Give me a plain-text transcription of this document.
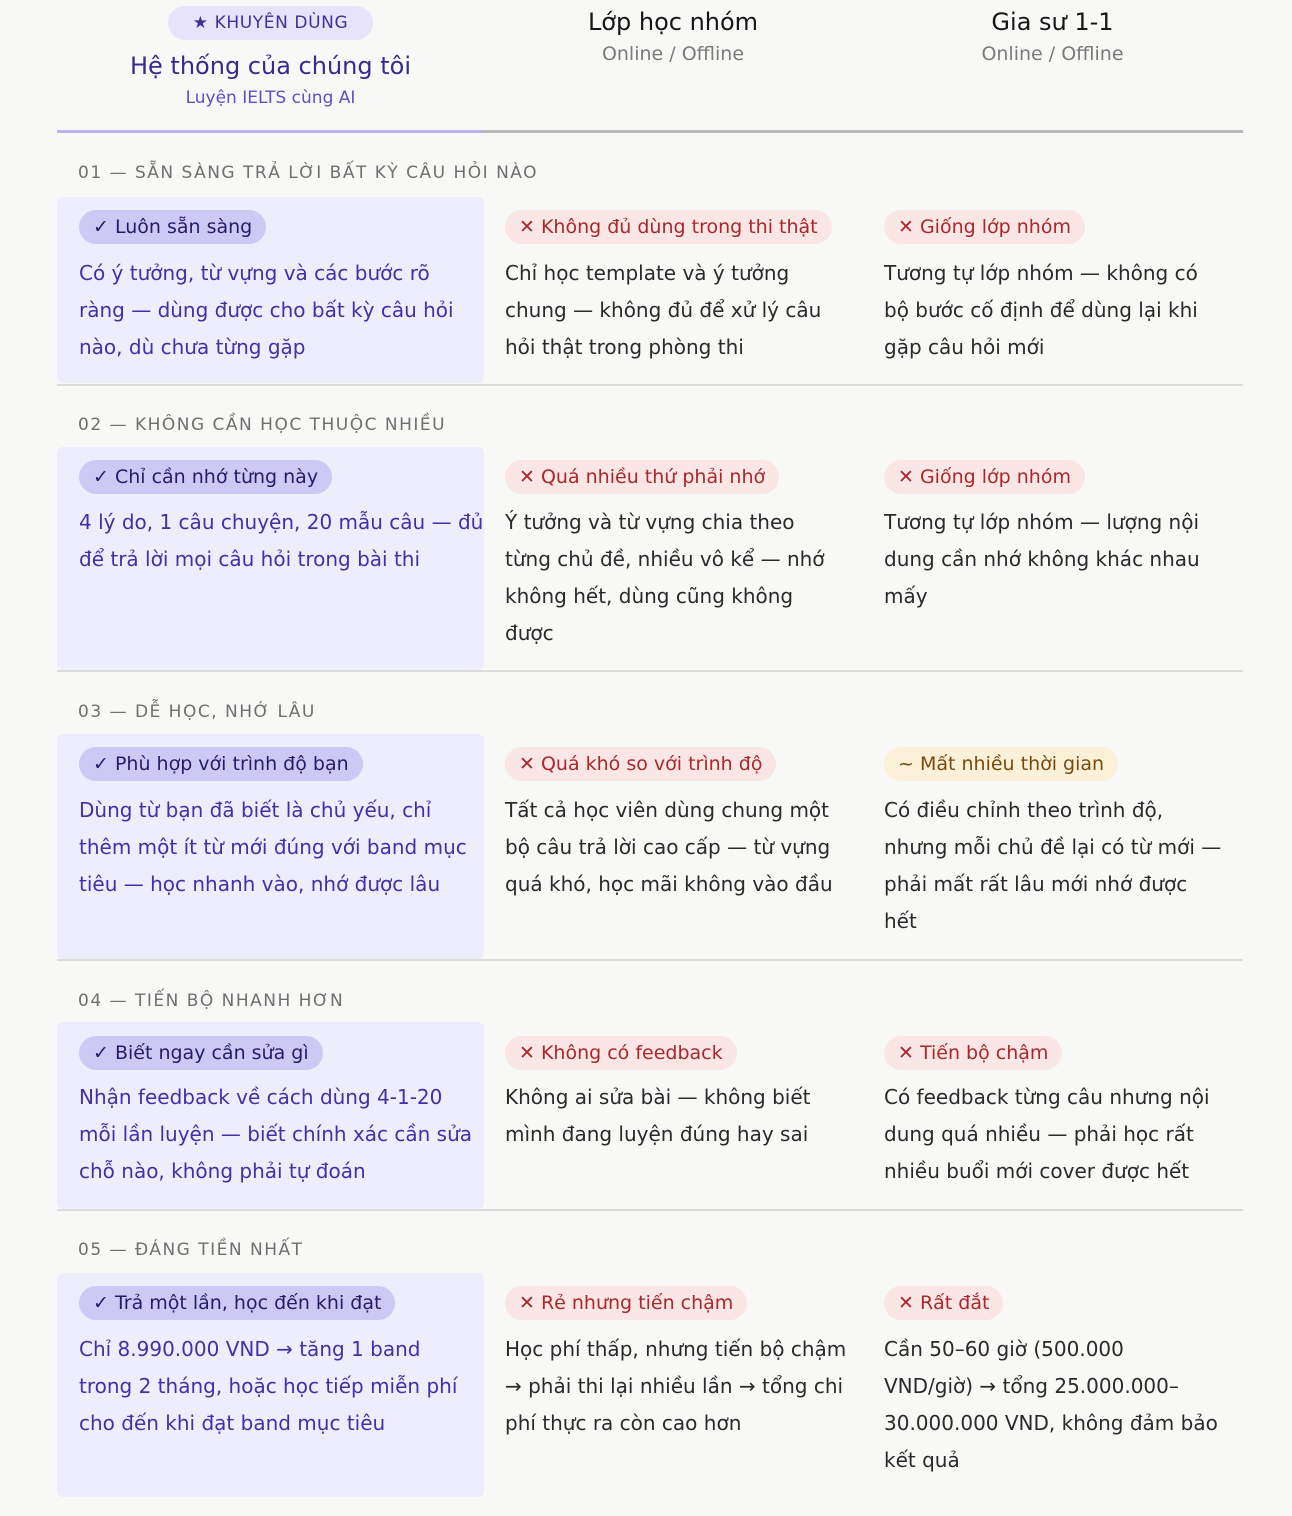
★ KHUYÊN DÙNG
Hệ thống của chúng tôi
Luyện IELTS cùng AI
Lớp học nhóm
Online / Offline
Gia sư 1-1
Online / Offline
01 — SẴN SÀNG TRẢ LỜI BẤT KỲ CÂU HỎI NÀO
✓ Luôn sẵn sàng
Có ý tưởng, từ vựng và các bước rõ
ràng — dùng được cho bất kỳ câu hỏi
nào, dù chưa từng gặp
✕ Không đủ dùng trong thi thật
Chỉ học template và ý tưởng
chung — không đủ để xử lý câu
hỏi thật trong phòng thi
✕ Giống lớp nhóm
Tương tự lớp nhóm — không có
bộ bước cố định để dùng lại khi
gặp câu hỏi mới
02 — KHÔNG CẦN HỌC THUỘC NHIỀU
✓ Chỉ cần nhớ từng này
4 lý do, 1 câu chuyện, 20 mẫu câu — đủ
để trả lời mọi câu hỏi trong bài thi
✕ Quá nhiều thứ phải nhớ
Ý tưởng và từ vựng chia theo
từng chủ đề, nhiều vô kể — nhớ
không hết, dùng cũng không
được
✕ Giống lớp nhóm
Tương tự lớp nhóm — lượng nội
dung cần nhớ không khác nhau
mấy
03 — DỄ HỌC, NHỚ LÂU
✓ Phù hợp với trình độ bạn
Dùng từ bạn đã biết là chủ yếu, chỉ
thêm một ít từ mới đúng với band mục
tiêu — học nhanh vào, nhớ được lâu
✕ Quá khó so với trình độ
Tất cả học viên dùng chung một
bộ câu trả lời cao cấp — từ vựng
quá khó, học mãi không vào đầu
~ Mất nhiều thời gian
Có điều chỉnh theo trình độ,
nhưng mỗi chủ đề lại có từ mới —
phải mất rất lâu mới nhớ được
hết
04 — TIẾN BỘ NHANH HƠN
✓ Biết ngay cần sửa gì
Nhận feedback về cách dùng 4-1-20
mỗi lần luyện — biết chính xác cần sửa
chỗ nào, không phải tự đoán
✕ Không có feedback
Không ai sửa bài — không biết
mình đang luyện đúng hay sai
✕ Tiến bộ chậm
Có feedback từng câu nhưng nội
dung quá nhiều — phải học rất
nhiều buổi mới cover được hết
05 — ĐÁNG TIỀN NHẤT
✓ Trả một lần, học đến khi đạt
Chỉ 8.990.000 VND → tăng 1 band
trong 2 tháng, hoặc học tiếp miễn phí
cho đến khi đạt band mục tiêu
✕ Rẻ nhưng tiến chậm
Học phí thấp, nhưng tiến bộ chậm
→ phải thi lại nhiều lần → tổng chi
phí thực ra còn cao hơn
✕ Rất đắt
Cần 50–60 giờ (500.000
VND/giờ) → tổng 25.000.000–
30.000.000 VND, không đảm bảo
kết quả
